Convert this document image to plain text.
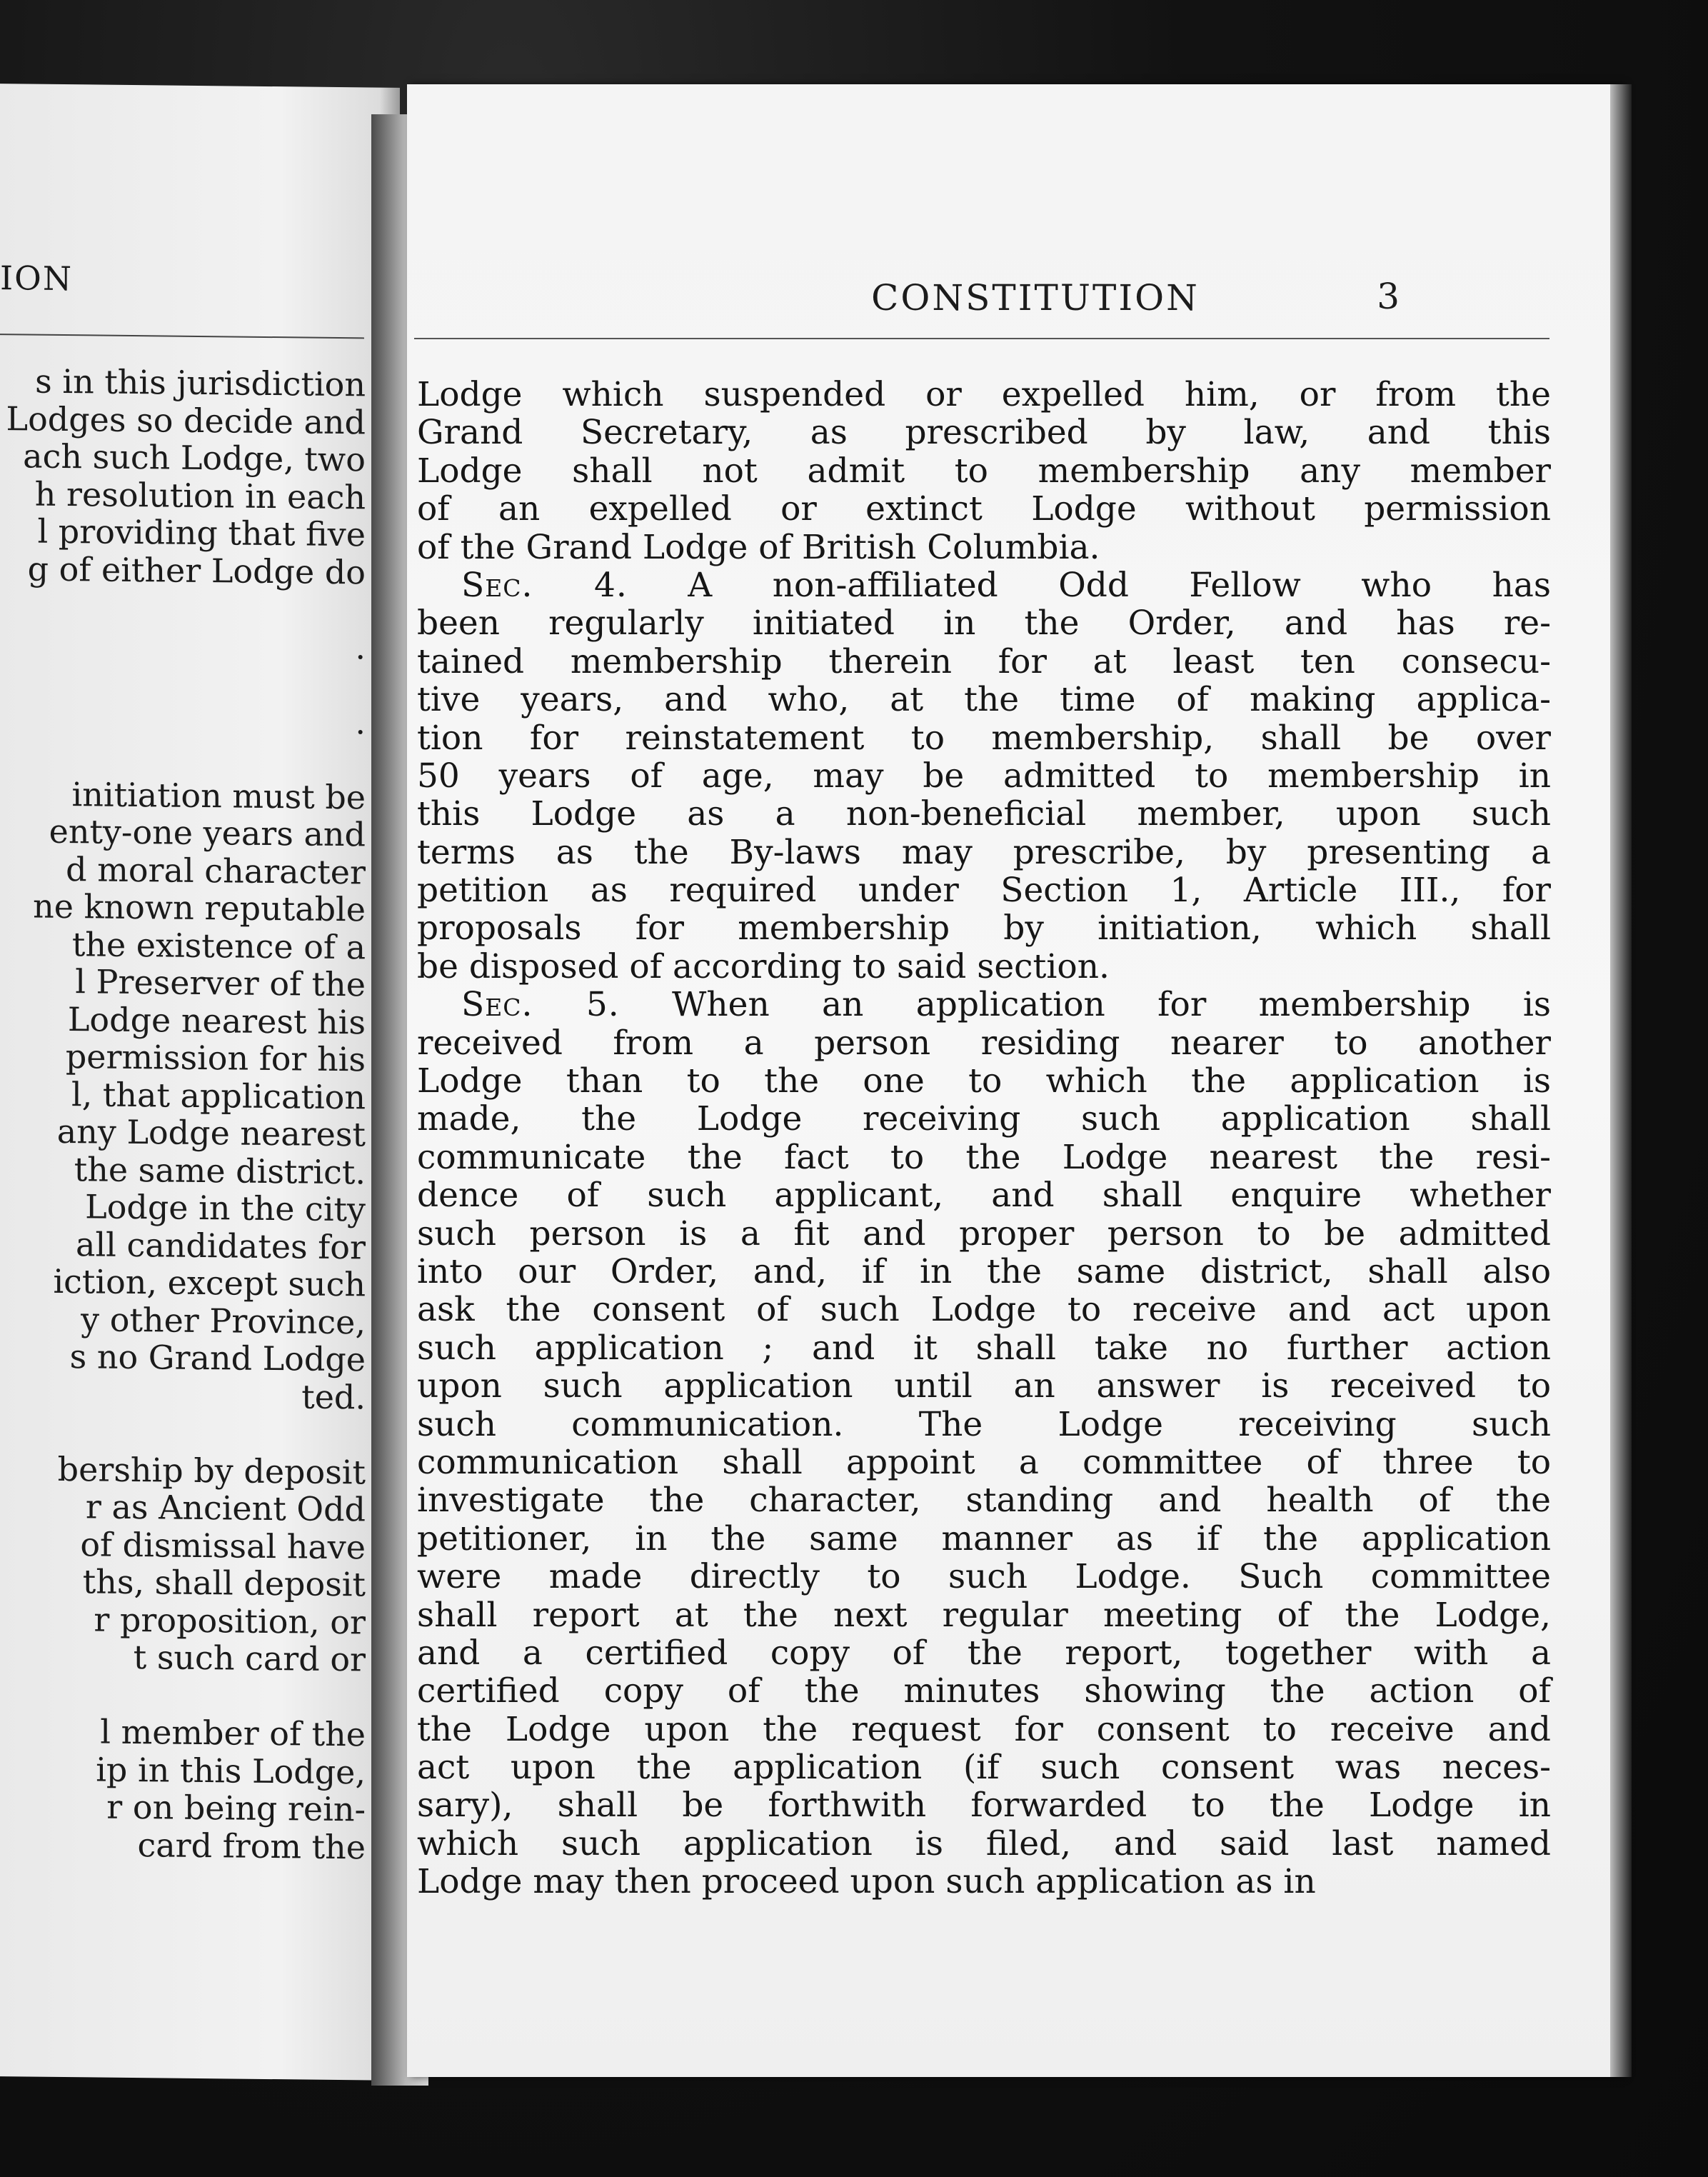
ION
s in this jurisdiction
Lodges so decide and
ach such Lodge, two
h resolution in each
l providing that five
g of either Lodge do

.

.

initiation must be
enty-one years and
d moral character
ne known reputable
the existence of a
l Preserver of the
Lodge nearest his
permission for his
l, that application
any Lodge nearest
the same district.
Lodge in the city
all candidates for
iction, except such
y other Province,
s no Grand Lodge
ted.

bership by deposit
r as Ancient Odd
of dismissal have
ths, shall deposit
r proposition, or
t such card or

l member of the
ip in this Lodge,
r on being rein-
card from the
CONSTITUTION	3
Lodge which suspended or expelled him, or from the
Grand Secretary, as prescribed by law, and this
Lodge shall not admit to membership any member
of an expelled or extinct Lodge without permission
of the Grand Lodge of British Columbia.
Sec. 4. A non-affiliated Odd Fellow who has
been regularly initiated in the Order, and has re-
tained membership therein for at least ten consecu-
tive years, and who, at the time of making applica-
tion for reinstatement to membership, shall be over
50 years of age, may be admitted to membership in
this Lodge as a non-beneficial member, upon such
terms as the By-laws may prescribe, by presenting a
petition as required under Section 1, Article III., for
proposals for membership by initiation, which shall
be disposed of according to said section.
Sec. 5. When an application for membership is
received from a person residing nearer to another
Lodge than to the one to which the application is
made, the Lodge receiving such application shall
communicate the fact to the Lodge nearest the resi-
dence of such applicant, and shall enquire whether
such person is a fit and proper person to be admitted
into our Order, and, if in the same district, shall also
ask the consent of such Lodge to receive and act upon
such application ; and it shall take no further action
upon such application until an answer is received to
such communication. The Lodge receiving such
communication shall appoint a committee of three to
investigate the character, standing and health of the
petitioner, in the same manner as if the application
were made directly to such Lodge. Such committee
shall report at the next regular meeting of the Lodge,
and a certified copy of the report, together with a
certified copy of the minutes showing the action of
the Lodge upon the request for consent to receive and
act upon the application (if such consent was neces-
sary), shall be forthwith forwarded to the Lodge in
which such application is filed, and said last named
Lodge may then proceed upon such application as in
